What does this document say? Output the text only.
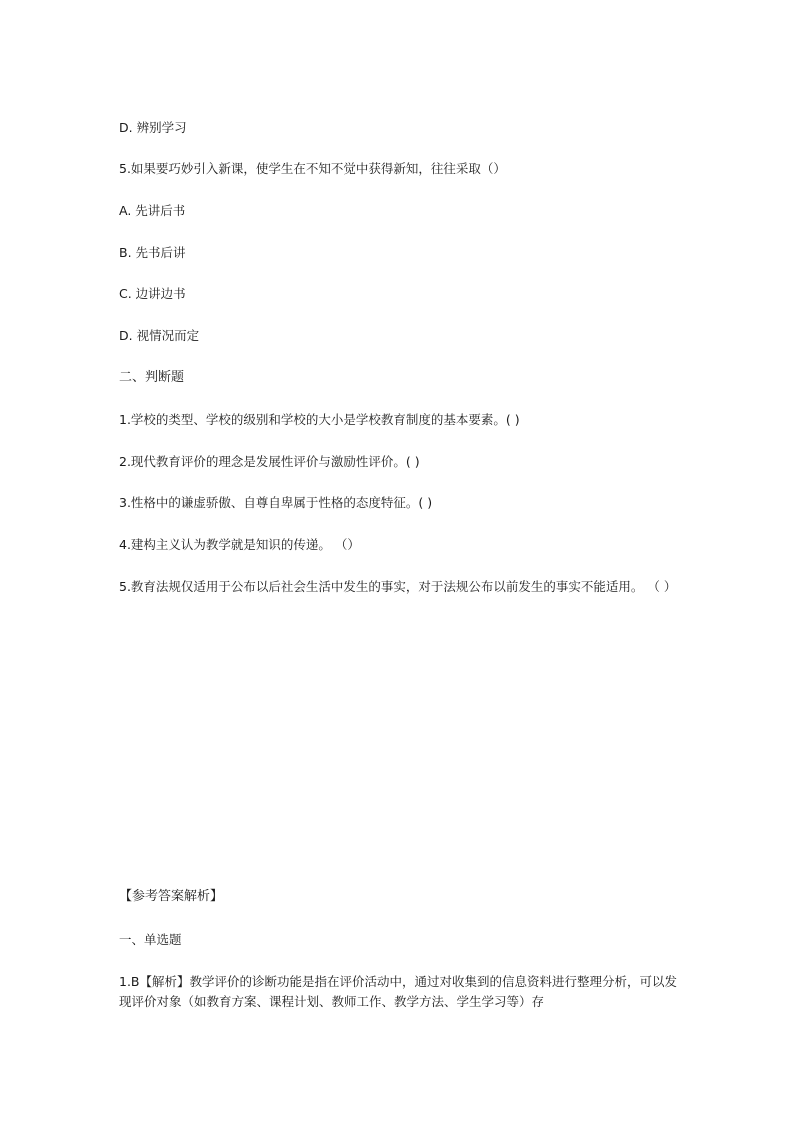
D. 辨别学习
5.如果要巧妙引入新课，使学生在不知不觉中获得新知，往往采取（）
A. 先讲后书
B. 先书后讲
C. 边讲边书
D. 视情况而定
二、判断题
1.学校的类型、学校的级别和学校的大小是学校教育制度的基本要素。( )
2.现代教育评价的理念是发展性评价与激励性评价。( )
3.性格中的谦虚骄傲、自尊自卑属于性格的态度特征。( )
4.建构主义认为教学就是知识的传递。 （）
5.教育法规仅适用于公布以后社会生活中发生的事实，对于法规公布以前发生的事实不能适用。 （ ）
【参考答案解析】
一、单选题
1.B【解析】教学评价的诊断功能是指在评价活动中，通过对收集到的信息资料进行整理分析，可以发现评价对象（如教育方案、课程计划、教师工作、教学方法、学生学习等）存
